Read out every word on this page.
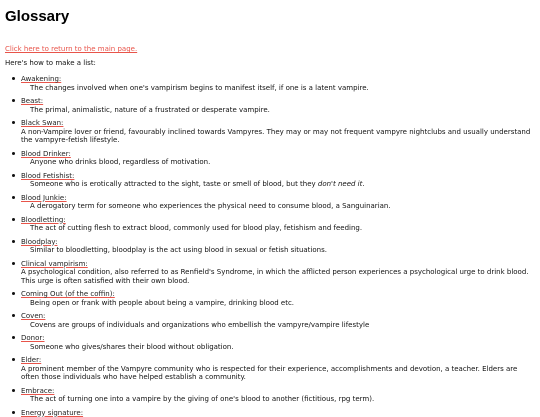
Glossary
Click here to return to the main page.

Here's how to make a list:

Awakening:
The changes involved when one's vampirism begins to manifest itself, if one is a latent vampire.
Beast:
The primal, animalistic, nature of a frustrated or desperate vampire.
Black Swan:
A non-Vampire lover or friend, favourably inclined towards Vampyres. They may or may not frequent vampyre nightclubs and usually understand the vampyre-fetish lifestyle.
Blood Drinker:
Anyone who drinks blood, regardless of motivation.
Blood Fetishist:
Someone who is erotically attracted to the sight, taste or smell of blood, but they don't need it.
Blood Junkie:
A derogatory term for someone who experiences the physical need to consume blood, a Sanguinarian.
Bloodletting:
The act of cutting flesh to extract blood, commonly used for blood play, fetishism and feeding.
Bloodplay:
Similar to bloodletting, bloodplay is the act using blood in sexual or fetish situations.
Clinical vampirism:
A psychological condition, also referred to as Renfield's Syndrome, in which the afflicted person experiences a psychological urge to drink blood. This urge is often satisfied with their own blood.
Coming Out (of the coffin):
Being open or frank with people about being a vampire, drinking blood etc.
Coven:
Covens are groups of individuals and organizations who embellish the vampyre/vampire lifestyle
Donor:
Someone who gives/shares their blood without obligation.
Elder:
A prominent member of the Vampyre community who is respected for their experience, accomplishments and devotion, a teacher. Elders are often those individuals who have helped establish a community.
Embrace:
The act of turning one into a vampire by the giving of one's blood to another (fictitious, rpg term).
Energy signature:
